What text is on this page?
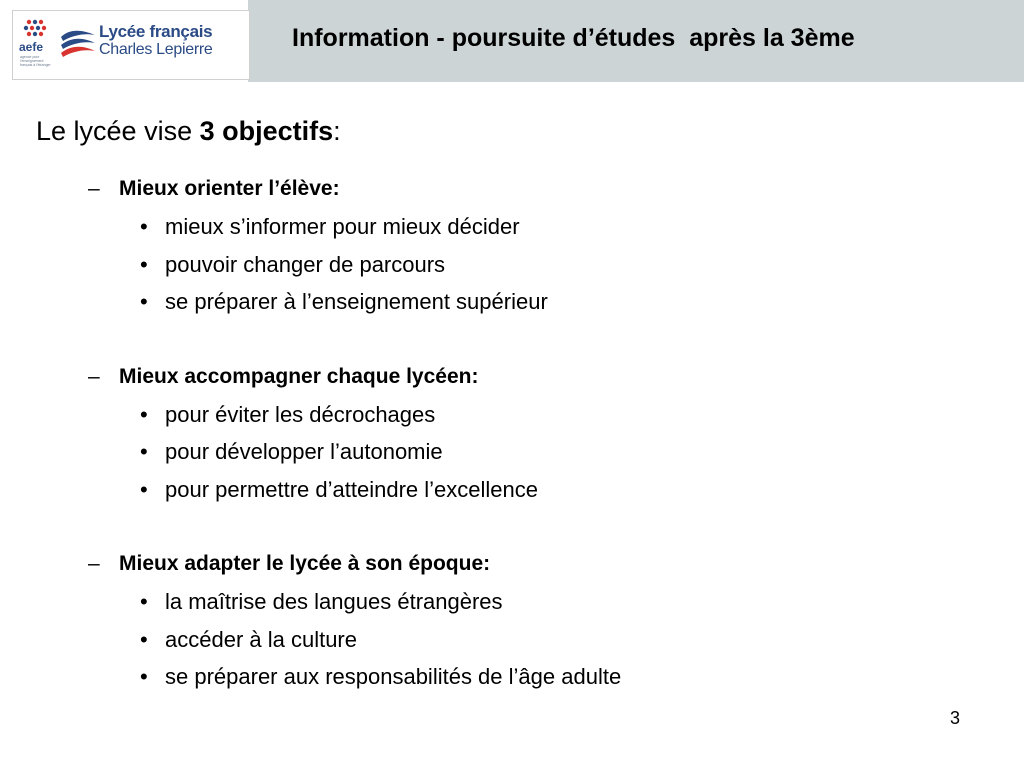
aefe
agence pour l'enseignement français à l'étranger
Lycée français
Charles Lepierre	Information - poursuite d’études  après la 3ème
Le lycée vise 3 objectifs:
– Mieux orienter l’élève:
• mieux s’informer pour mieux décider
• pouvoir changer de parcours
• se préparer à l’enseignement supérieur
– Mieux accompagner chaque lycéen:
• pour éviter les décrochages
• pour développer l’autonomie
• pour permettre d’atteindre l’excellence
– Mieux adapter le lycée à son époque:
• la maîtrise des langues étrangères
• accéder à la culture
• se préparer aux responsabilités de l’âge adulte
3
